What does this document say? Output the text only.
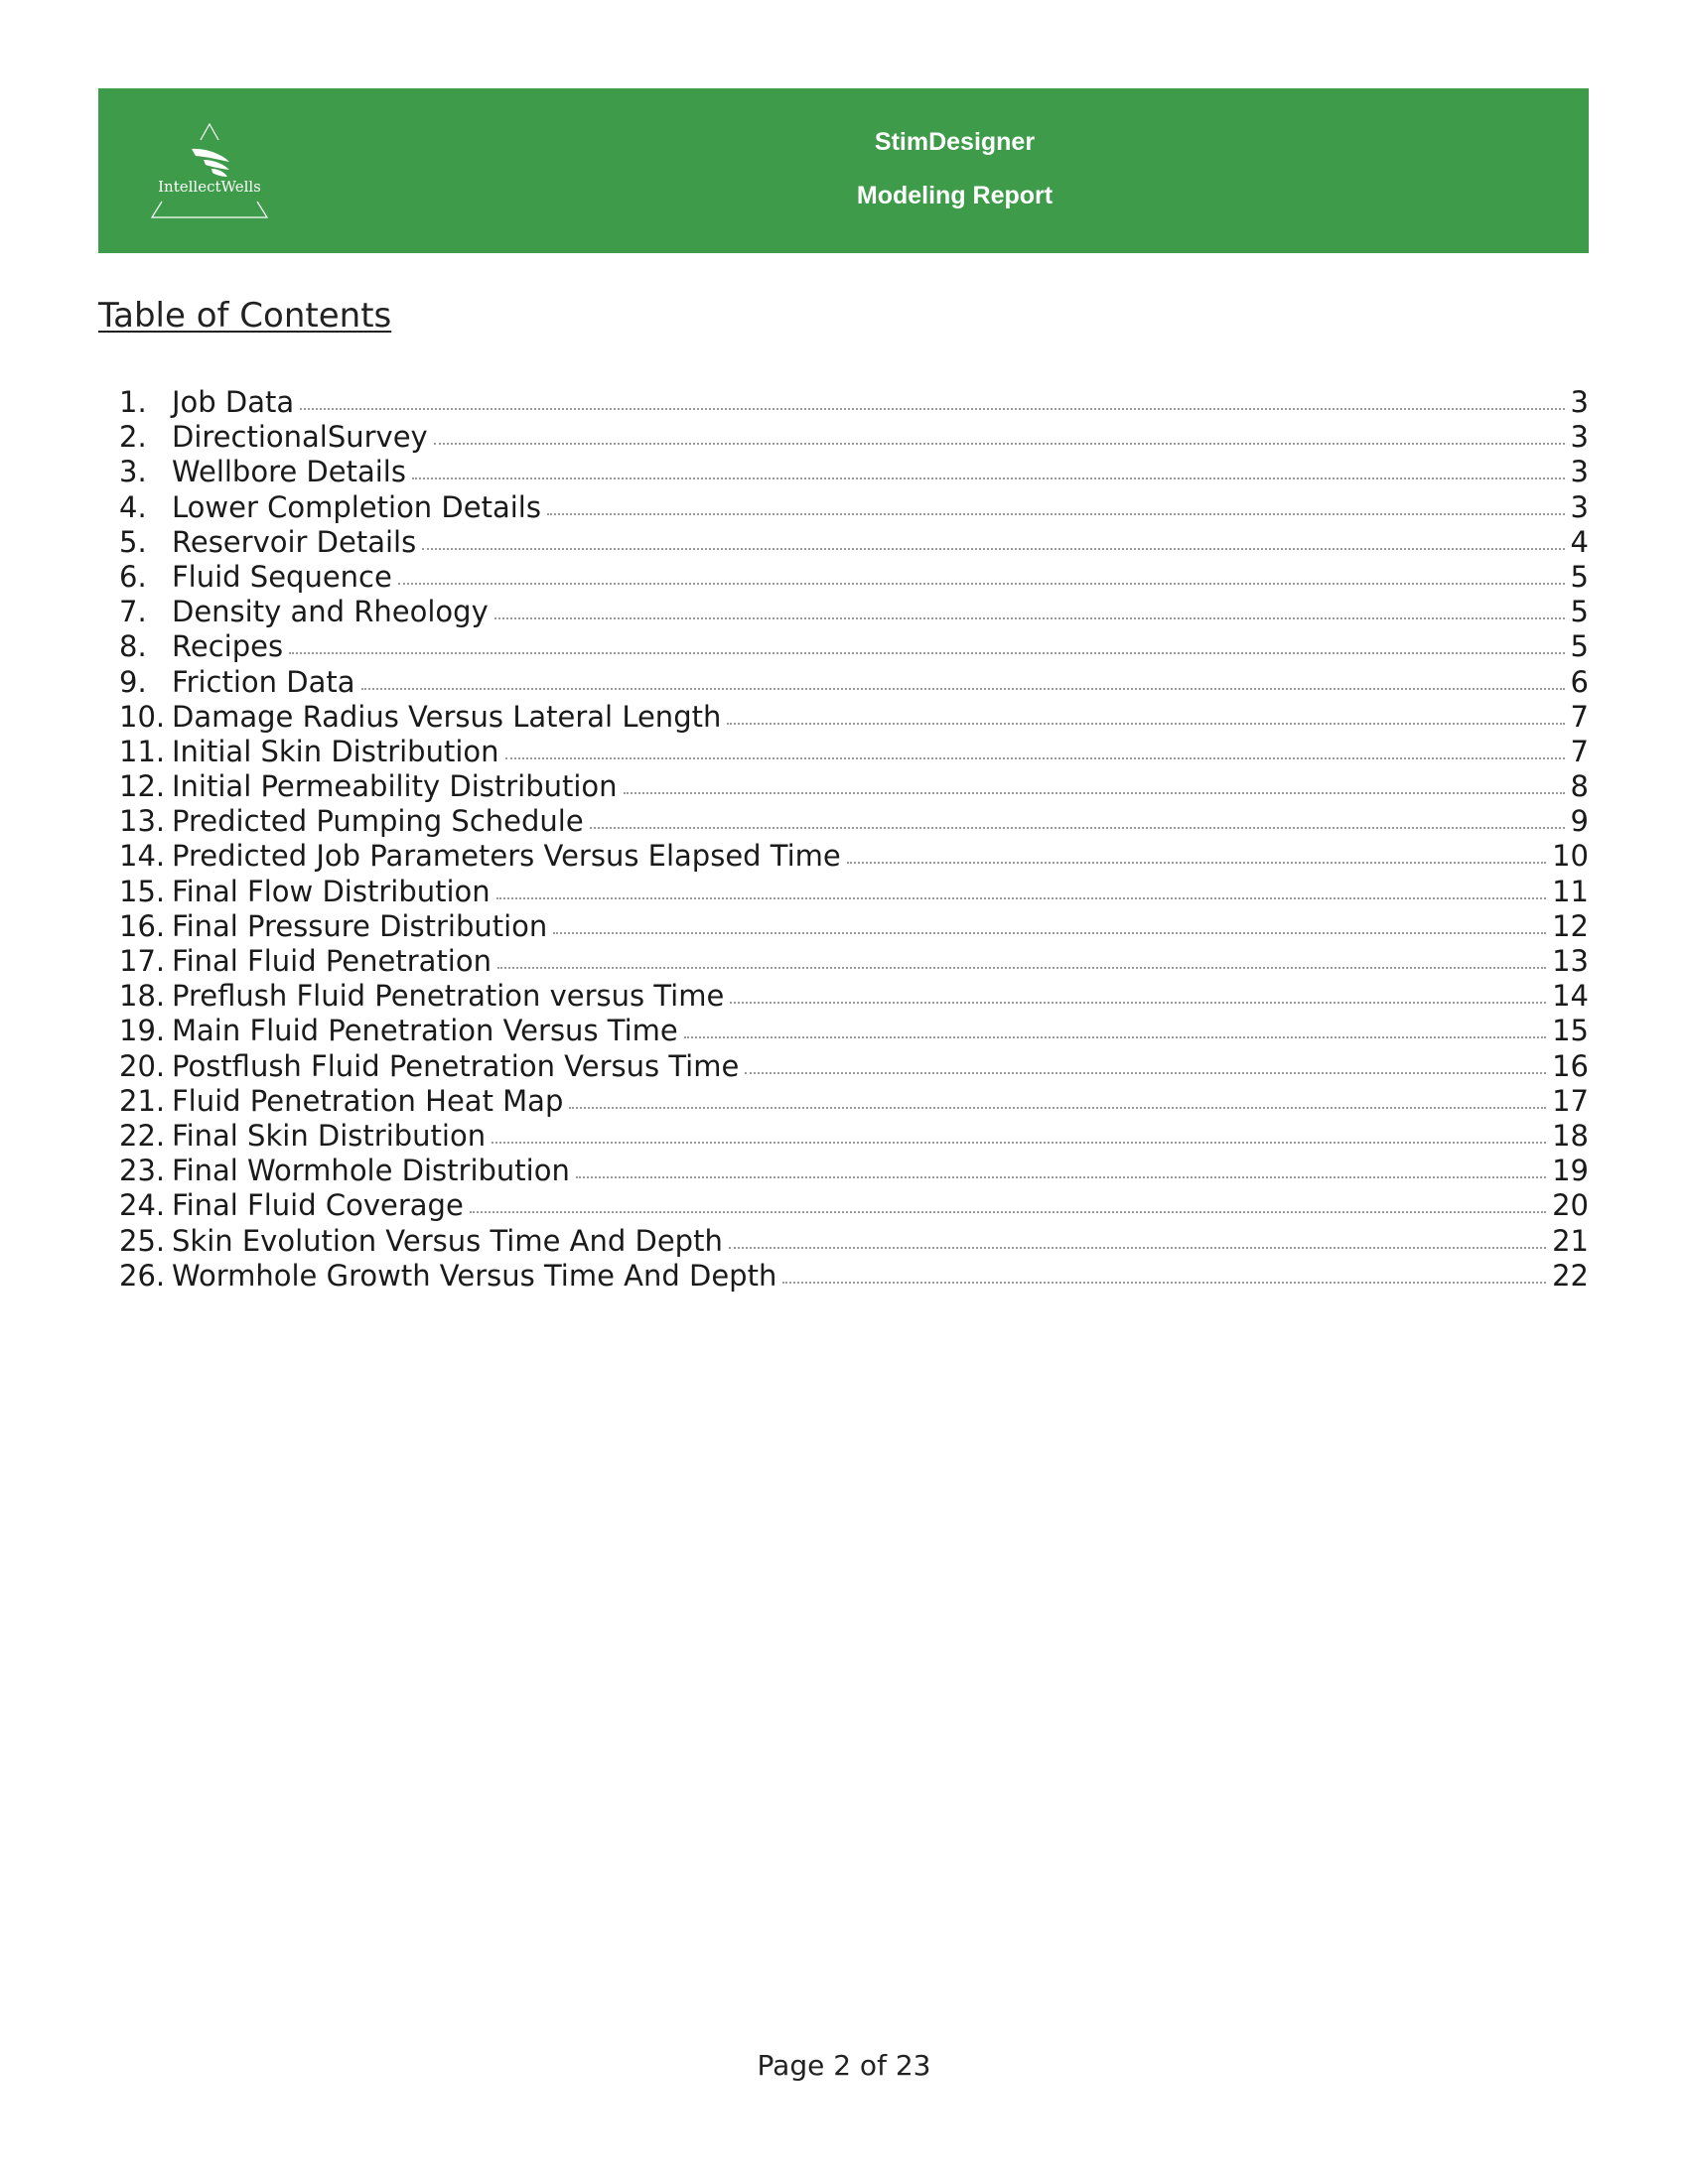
IntellectWells
StimDesigner
Modeling Report
Table of Contents
1. Job Data	3
2. DirectionalSurvey	3
3. Wellbore Details	3
4. Lower Completion Details	3
5. Reservoir Details	4
6. Fluid Sequence	5
7. Density and Rheology	5
8. Recipes	5
9. Friction Data	6
10. Damage Radius Versus Lateral Length	7
11. Initial Skin Distribution	7
12. Initial Permeability Distribution	8
13. Predicted Pumping Schedule	9
14. Predicted Job Parameters Versus Elapsed Time	10
15. Final Flow Distribution	11
16. Final Pressure Distribution	12
17. Final Fluid Penetration	13
18. Preflush Fluid Penetration versus Time	14
19. Main Fluid Penetration Versus Time	15
20. Postflush Fluid Penetration Versus Time	16
21. Fluid Penetration Heat Map	17
22. Final Skin Distribution	18
23. Final Wormhole Distribution	19
24. Final Fluid Coverage	20
25. Skin Evolution Versus Time And Depth	21
26. Wormhole Growth Versus Time And Depth	22
Page 2 of 23
